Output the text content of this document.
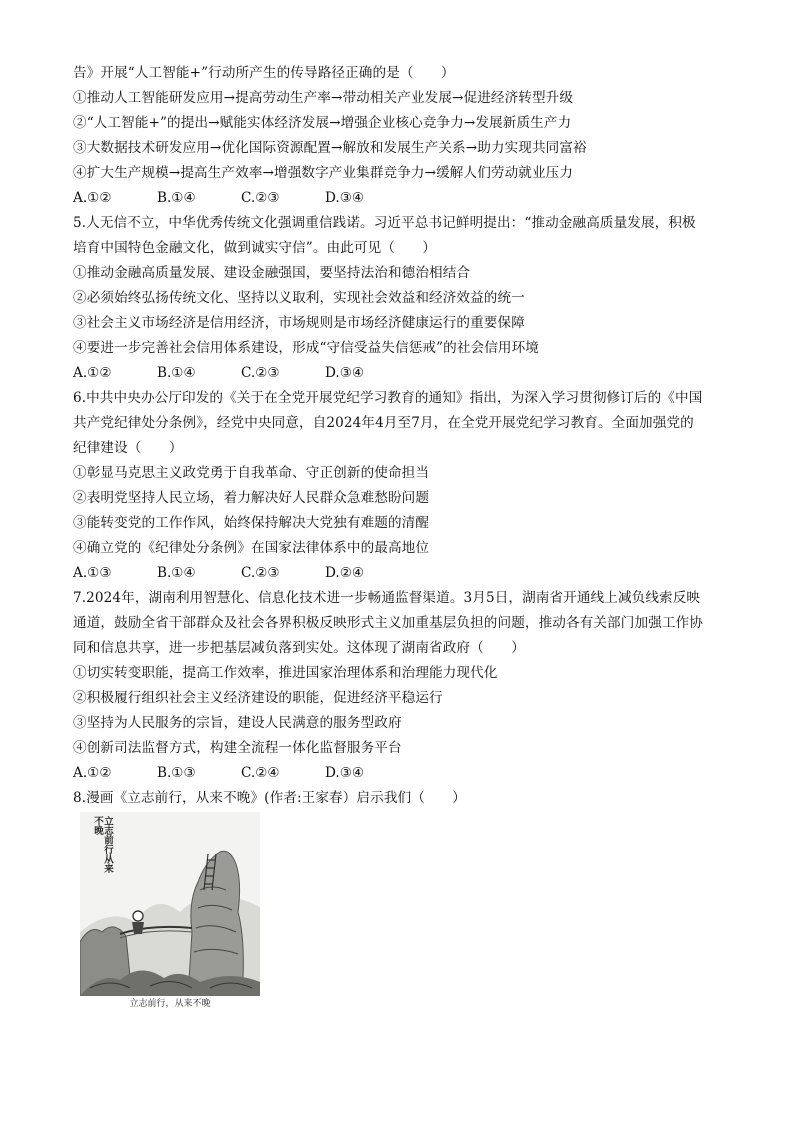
告》开展“人工智能+”行动所产生的传导路径正确的是（　　）
①推动人工智能研发应用→提高劳动生产率→带动相关产业发展→促进经济转型升级
②“人工智能+”的提出→赋能实体经济发展→增强企业核心竞争力→发展新质生产力
③大数据技术研发应用→优化国际资源配置→解放和发展生产关系→助力实现共同富裕
④扩大生产规模→提高生产效率→增强数字产业集群竞争力→缓解人们劳动就业压力
A.①②	B.①④	C.②③	D.③④
5.人无信不立，中华优秀传统文化强调重信践诺。习近平总书记鲜明提出：“推动金融高质量发展，积极
培育中国特色金融文化，做到诚实守信”。由此可见（　　）
①推动金融高质量发展、建设金融强国，要坚持法治和德治相结合
②必须始终弘扬传统文化、坚持以义取利，实现社会效益和经济效益的统一
③社会主义市场经济是信用经济，市场规则是市场经济健康运行的重要保障
④要进一步完善社会信用体系建设，形成“守信受益失信惩戒”的社会信用环境
A.①②	B.①④	C.②③	D.③④
6.中共中央办公厅印发的《关于在全党开展党纪学习教育的通知》指出，为深入学习贯彻修订后的《中国
共产党纪律处分条例》，经党中央同意，自2024年4月至7月，在全党开展党纪学习教育。全面加强党的
纪律建设（　　）
①彰显马克思主义政党勇于自我革命、守正创新的使命担当
②表明党坚持人民立场，着力解决好人民群众急难愁盼问题
③能转变党的工作作风，始终保持解决大党独有难题的清醒
④确立党的《纪律处分条例》在国家法律体系中的最高地位
A.①③	B.①④	C.②③	D.②④
7.2024年，湖南利用智慧化、信息化技术进一步畅通监督渠道。3月5日，湖南省开通线上减负线索反映
通道，鼓励全省干部群众及社会各界积极反映形式主义加重基层负担的问题，推动各有关部门加强工作协
同和信息共享，进一步把基层减负落到实处。这体现了湖南省政府（　　）
①切实转变职能，提高工作效率，推进国家治理体系和治理能力现代化
②积极履行组织社会主义经济建设的职能，促进经济平稳运行
③坚持为人民服务的宗旨，建设人民满意的服务型政府
④创新司法监督方式，构建全流程一体化监督服务平台
A.①②	B.①③	C.②④	D.③④
8.漫画《立志前行，从来不晚》(作者:王家春）启示我们（　　）
立志前行从来不晚
立志前行，从来不晚
